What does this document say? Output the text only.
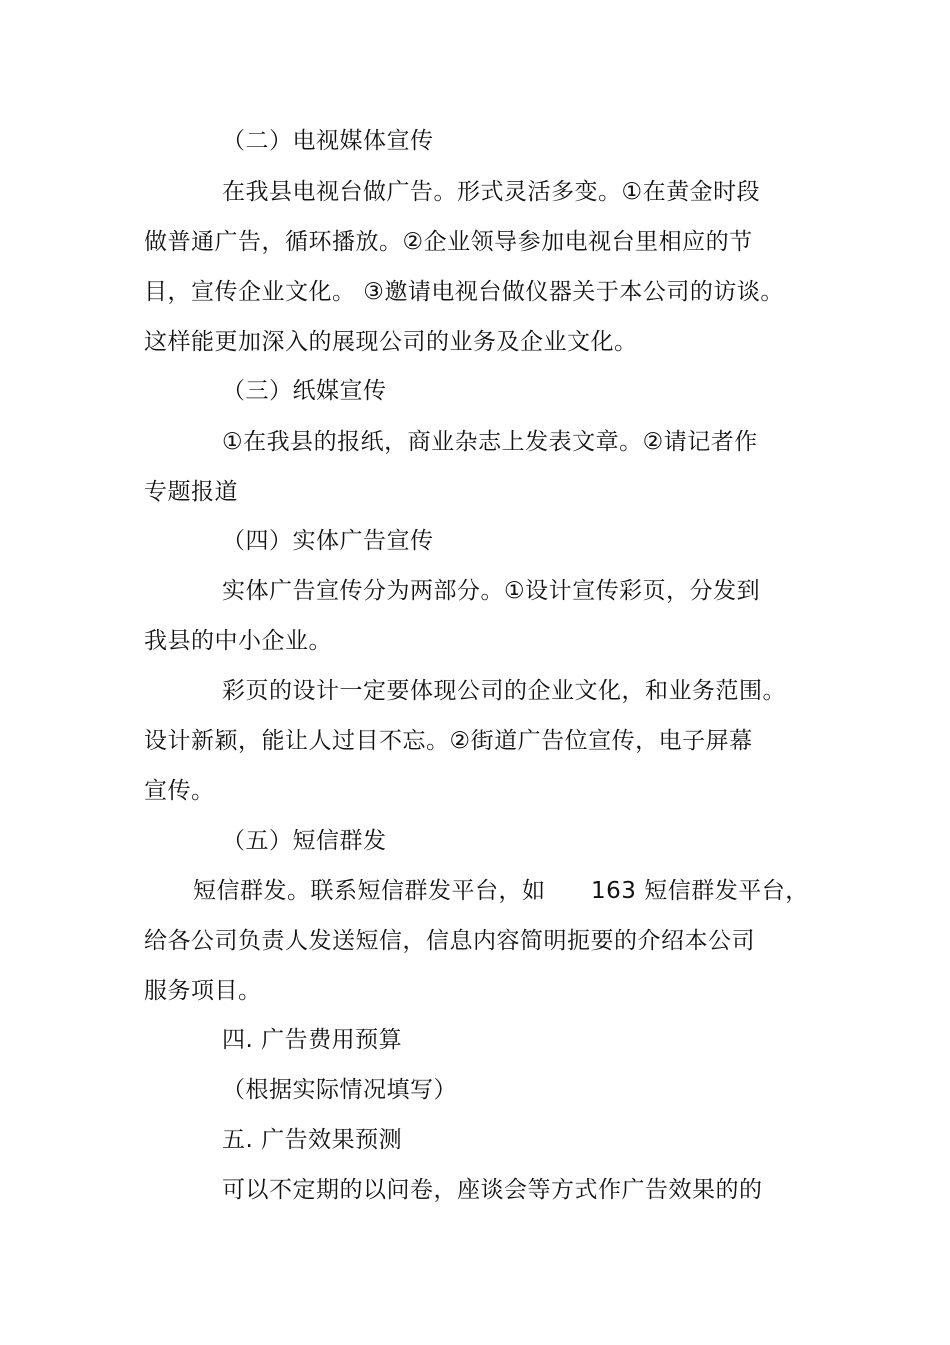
（二）电视媒体宣传
在我县电视台做广告。形式灵活多变。①在黄金时段
做普通广告，循环播放。②企业领导参加电视台里相应的节
目，宣传企业文化。 ③邀请电视台做仪器关于本公司的访谈。
这样能更加深入的展现公司的业务及企业文化。
（三）纸媒宣传
①在我县的报纸，商业杂志上发表文章。②请记者作
专题报道
（四）实体广告宣传
实体广告宣传分为两部分。①设计宣传彩页，分发到
我县的中小企业。
彩页的设计一定要体现公司的企业文化，和业务范围。
设计新颖，能让人过目不忘。②街道广告位宣传，电子屏幕
宣传。
（五）短信群发
短信群发。联系短信群发平台，如 163 短信群发平台，
给各公司负责人发送短信，信息内容简明扼要的介绍本公司
服务项目。
四. 广告费用预算
（根据实际情况填写）
五. 广告效果预测
可以不定期的以问卷，座谈会等方式作广告效果的的
